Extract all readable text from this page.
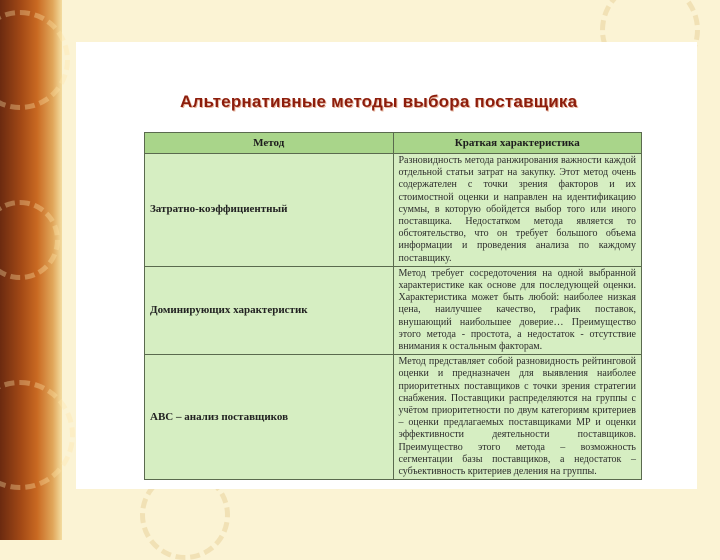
Альтернативные методы выбора поставщика
Метод	Краткая характеристика
Затратно-коэффициентный	Разновидность метода ранжирования важности каждой отдельной статьи затрат на закупку. Этот метод очень содержателен с точки зрения факторов и их стоимостной оценки и направлен на идентификацию суммы, в которую обойдется выбор того или иного поставщика. Недостатком метода является то обстоятельство, что он требует большого объема информации и проведения анализа по каждому поставщику.
Доминирующих характеристик	Метод требует сосредоточения на одной выбранной характеристике как основе для последующей оценки. Характеристика может быть любой: наиболее низкая цена, наилучшее качество, график поставок, внушающий наибольшее доверие… Преимущество этого метода - простота, а недостаток - отсутствие внимания к остальным факторам.
АВС – анализ поставщиков	Метод представляет собой разновидность рейтинговой оценки и предназначен для выявления наиболее приоритетных поставщиков с точки зрения стратегии снабжения. Поставщики распределяются на группы с учётом приоритетности по двум категориям критериев – оценки предлагаемых поставщиками МР и оценки эффективности деятельности поставщиков. Преимущество этого метода – возможность сегментации базы поставщиков, а недостаток – субъективность критериев деления на группы.
